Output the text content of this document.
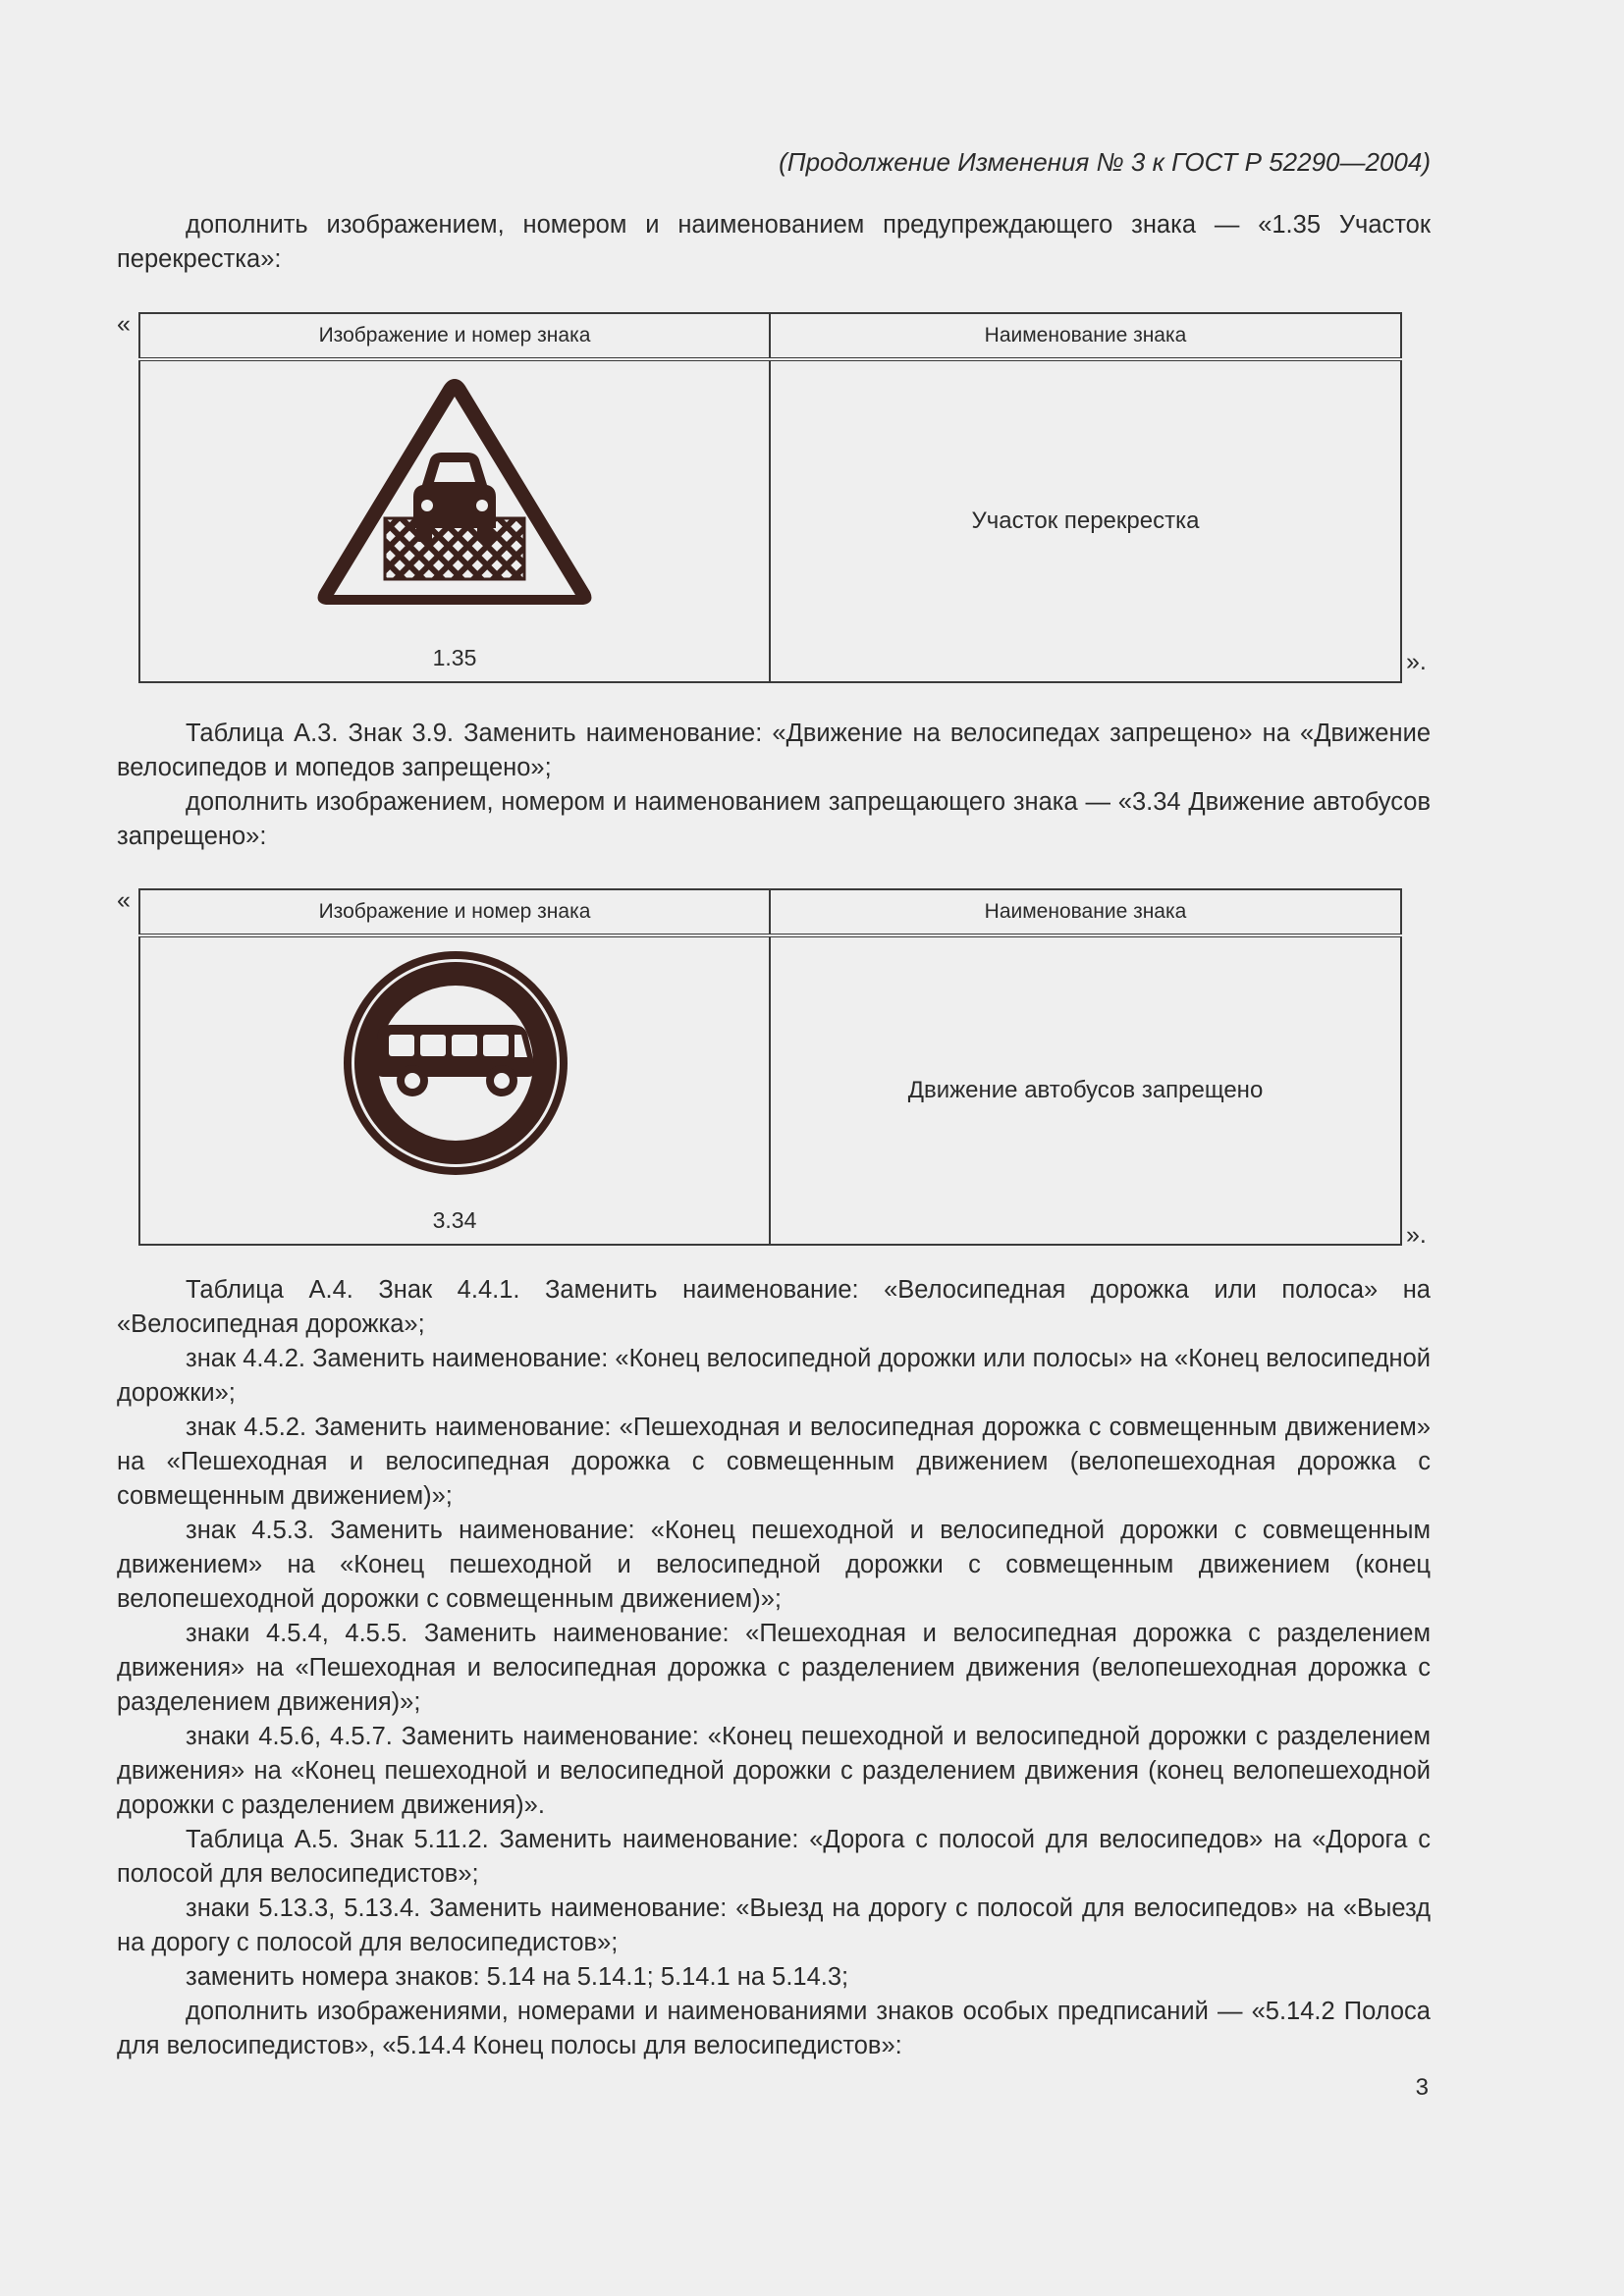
(Продолжение Изменения № 3 к ГОСТ Р 52290—2004)

дополнить изображением, номером и наименованием предупреждающего знака — «1.35 Участок перекрестка»:

«	Изображение и номер знака	Наименование знака

1.35	Участок перекрестка
».

Таблица А.3. Знак 3.9. Заменить наименование: «Движение на велосипедах запрещено» на «Движение велосипедов и мопедов запрещено»;

дополнить изображением, номером и наименованием запрещающего знака — «3.34 Движение автобусов запрещено»:

«	Изображение и номер знака	Наименование знака

3.34	Движение автобусов запрещено
».

Таблица А.4. Знак 4.4.1. Заменить наименование: «Велосипедная дорожка или полоса» на «Велосипедная дорожка»;

знак 4.4.2. Заменить наименование: «Конец велосипедной дорожки или полосы» на «Конец велосипедной дорожки»;

знак 4.5.2. Заменить наименование: «Пешеходная и велосипедная дорожка с совмещенным движением» на «Пешеходная и велосипедная дорожка с совмещенным движением (велопешеходная дорожка с совмещенным движением)»;

знак 4.5.3. Заменить наименование: «Конец пешеходной и велосипедной дорожки с совмещенным движением» на «Конец пешеходной и велосипедной дорожки с совмещенным движением (конец велопешеходной дорожки с совмещенным движением)»;

знаки 4.5.4, 4.5.5. Заменить наименование: «Пешеходная и велосипедная дорожка с разделением движения» на «Пешеходная и велосипедная дорожка с разделением движения (велопешеходная дорожка с разделением движения)»;

знаки 4.5.6, 4.5.7. Заменить наименование: «Конец пешеходной и велосипедной дорожки с разделением движения» на «Конец пешеходной и велосипедной дорожки с разделением движения (конец велопешеходной дорожки с разделением движения)».

Таблица А.5. Знак 5.11.2. Заменить наименование: «Дорога с полосой для велосипедов» на «Дорога с полосой для велосипедистов»;

знаки 5.13.3, 5.13.4. Заменить наименование: «Выезд на дорогу с полосой для велосипедов» на «Выезд на дорогу с полосой для велосипедистов»;

заменить номера знаков: 5.14 на 5.14.1; 5.14.1 на 5.14.3;

дополнить изображениями, номерами и наименованиями знаков особых предписаний — «5.14.2 Полоса для велосипедистов», «5.14.4 Конец полосы для велосипедистов»:

3
